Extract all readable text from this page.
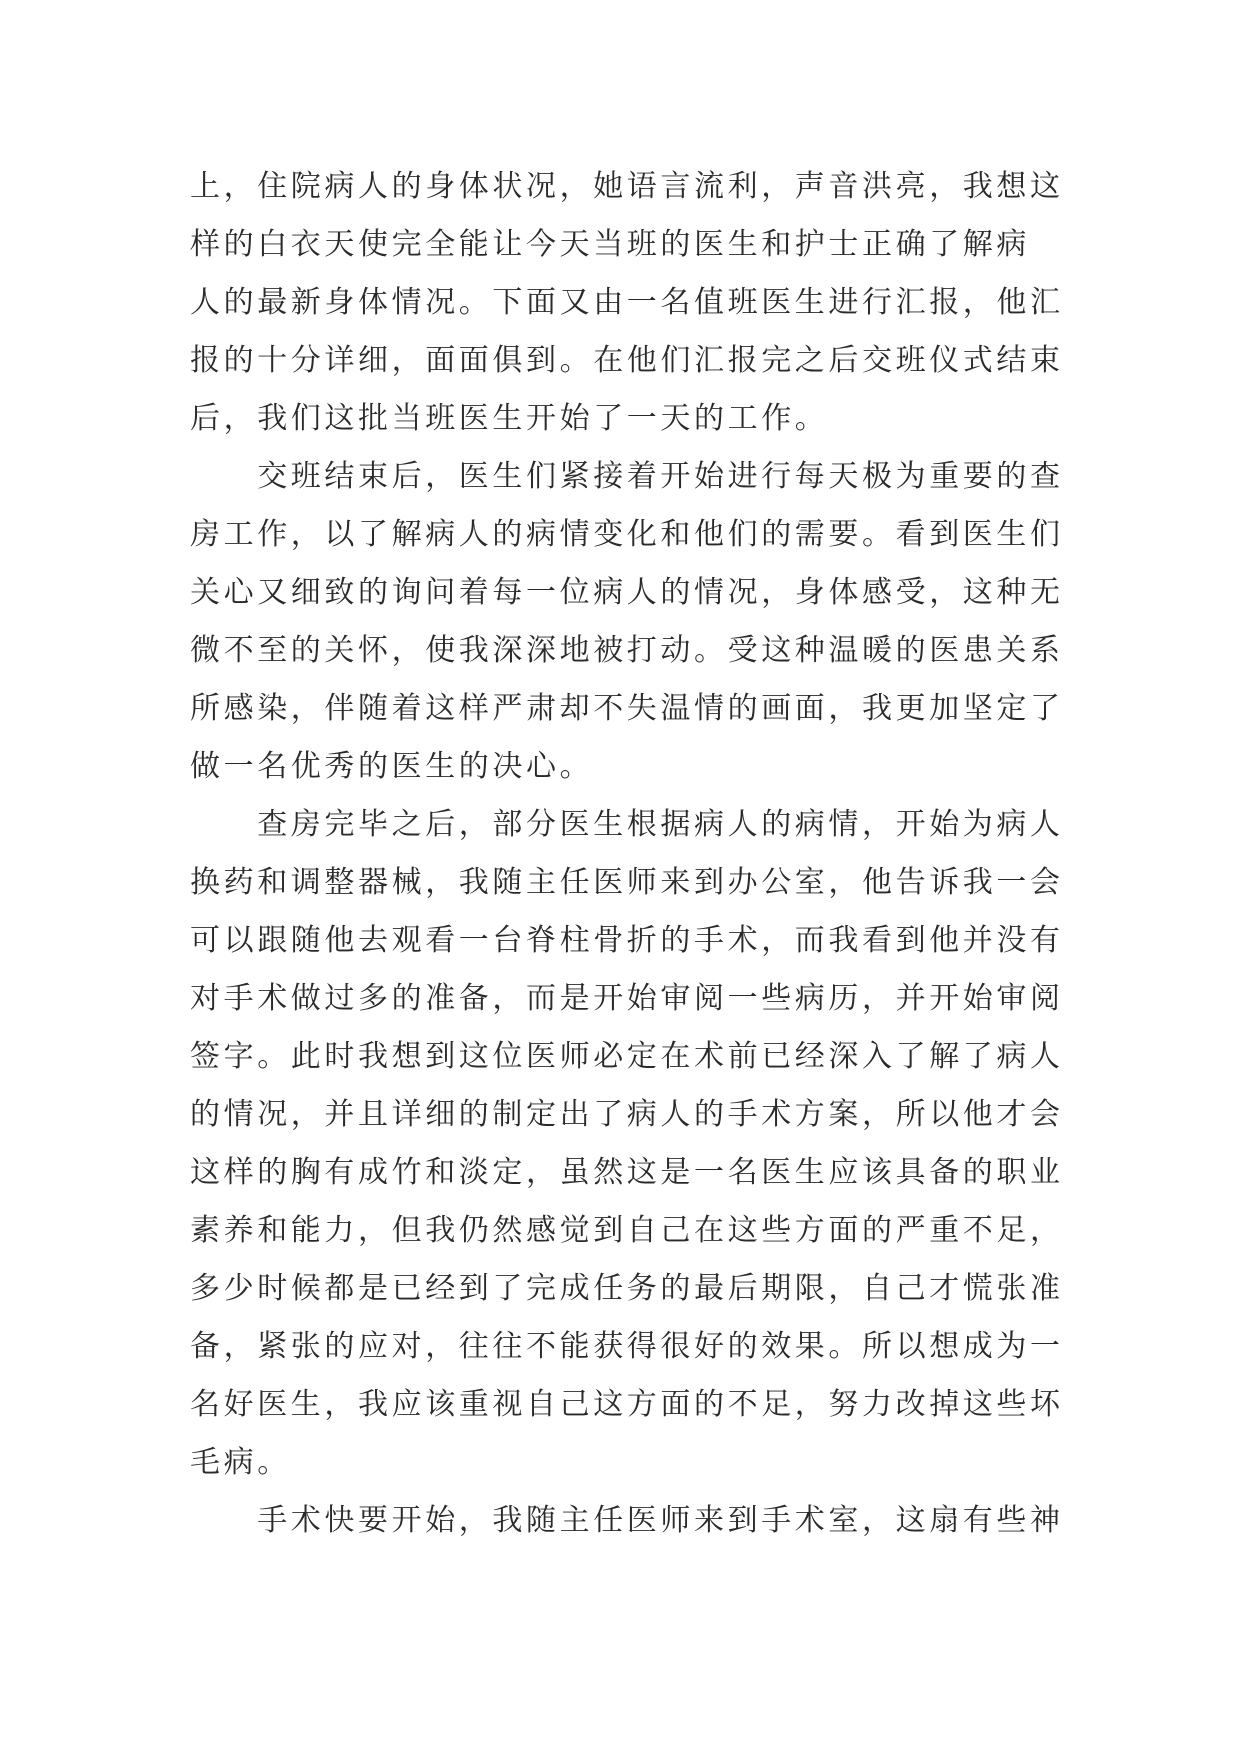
上，住院病人的身体状况，她语言流利，声音洪亮，我想这
样的白衣天使完全能让今天当班的医生和护士正确了解病
人的最新身体情况。下面又由一名值班医生进行汇报，他汇
报的十分详细，面面俱到。在他们汇报完之后交班仪式结束
后，我们这批当班医生开始了一天的工作。
　　交班结束后，医生们紧接着开始进行每天极为重要的查
房工作，以了解病人的病情变化和他们的需要。看到医生们
关心又细致的询问着每一位病人的情况，身体感受，这种无
微不至的关怀，使我深深地被打动。受这种温暖的医患关系
所感染，伴随着这样严肃却不失温情的画面，我更加坚定了
做一名优秀的医生的决心。
　　查房完毕之后，部分医生根据病人的病情，开始为病人
换药和调整器械，我随主任医师来到办公室，他告诉我一会
可以跟随他去观看一台脊柱骨折的手术，而我看到他并没有
对手术做过多的准备，而是开始审阅一些病历，并开始审阅
签字。此时我想到这位医师必定在术前已经深入了解了病人
的情况，并且详细的制定出了病人的手术方案，所以他才会
这样的胸有成竹和淡定，虽然这是一名医生应该具备的职业
素养和能力，但我仍然感觉到自己在这些方面的严重不足，
多少时候都是已经到了完成任务的最后期限，自己才慌张准
备，紧张的应对，往往不能获得很好的效果。所以想成为一
名好医生，我应该重视自己这方面的不足，努力改掉这些坏
毛病。
　　手术快要开始，我随主任医师来到手术室，这扇有些神
